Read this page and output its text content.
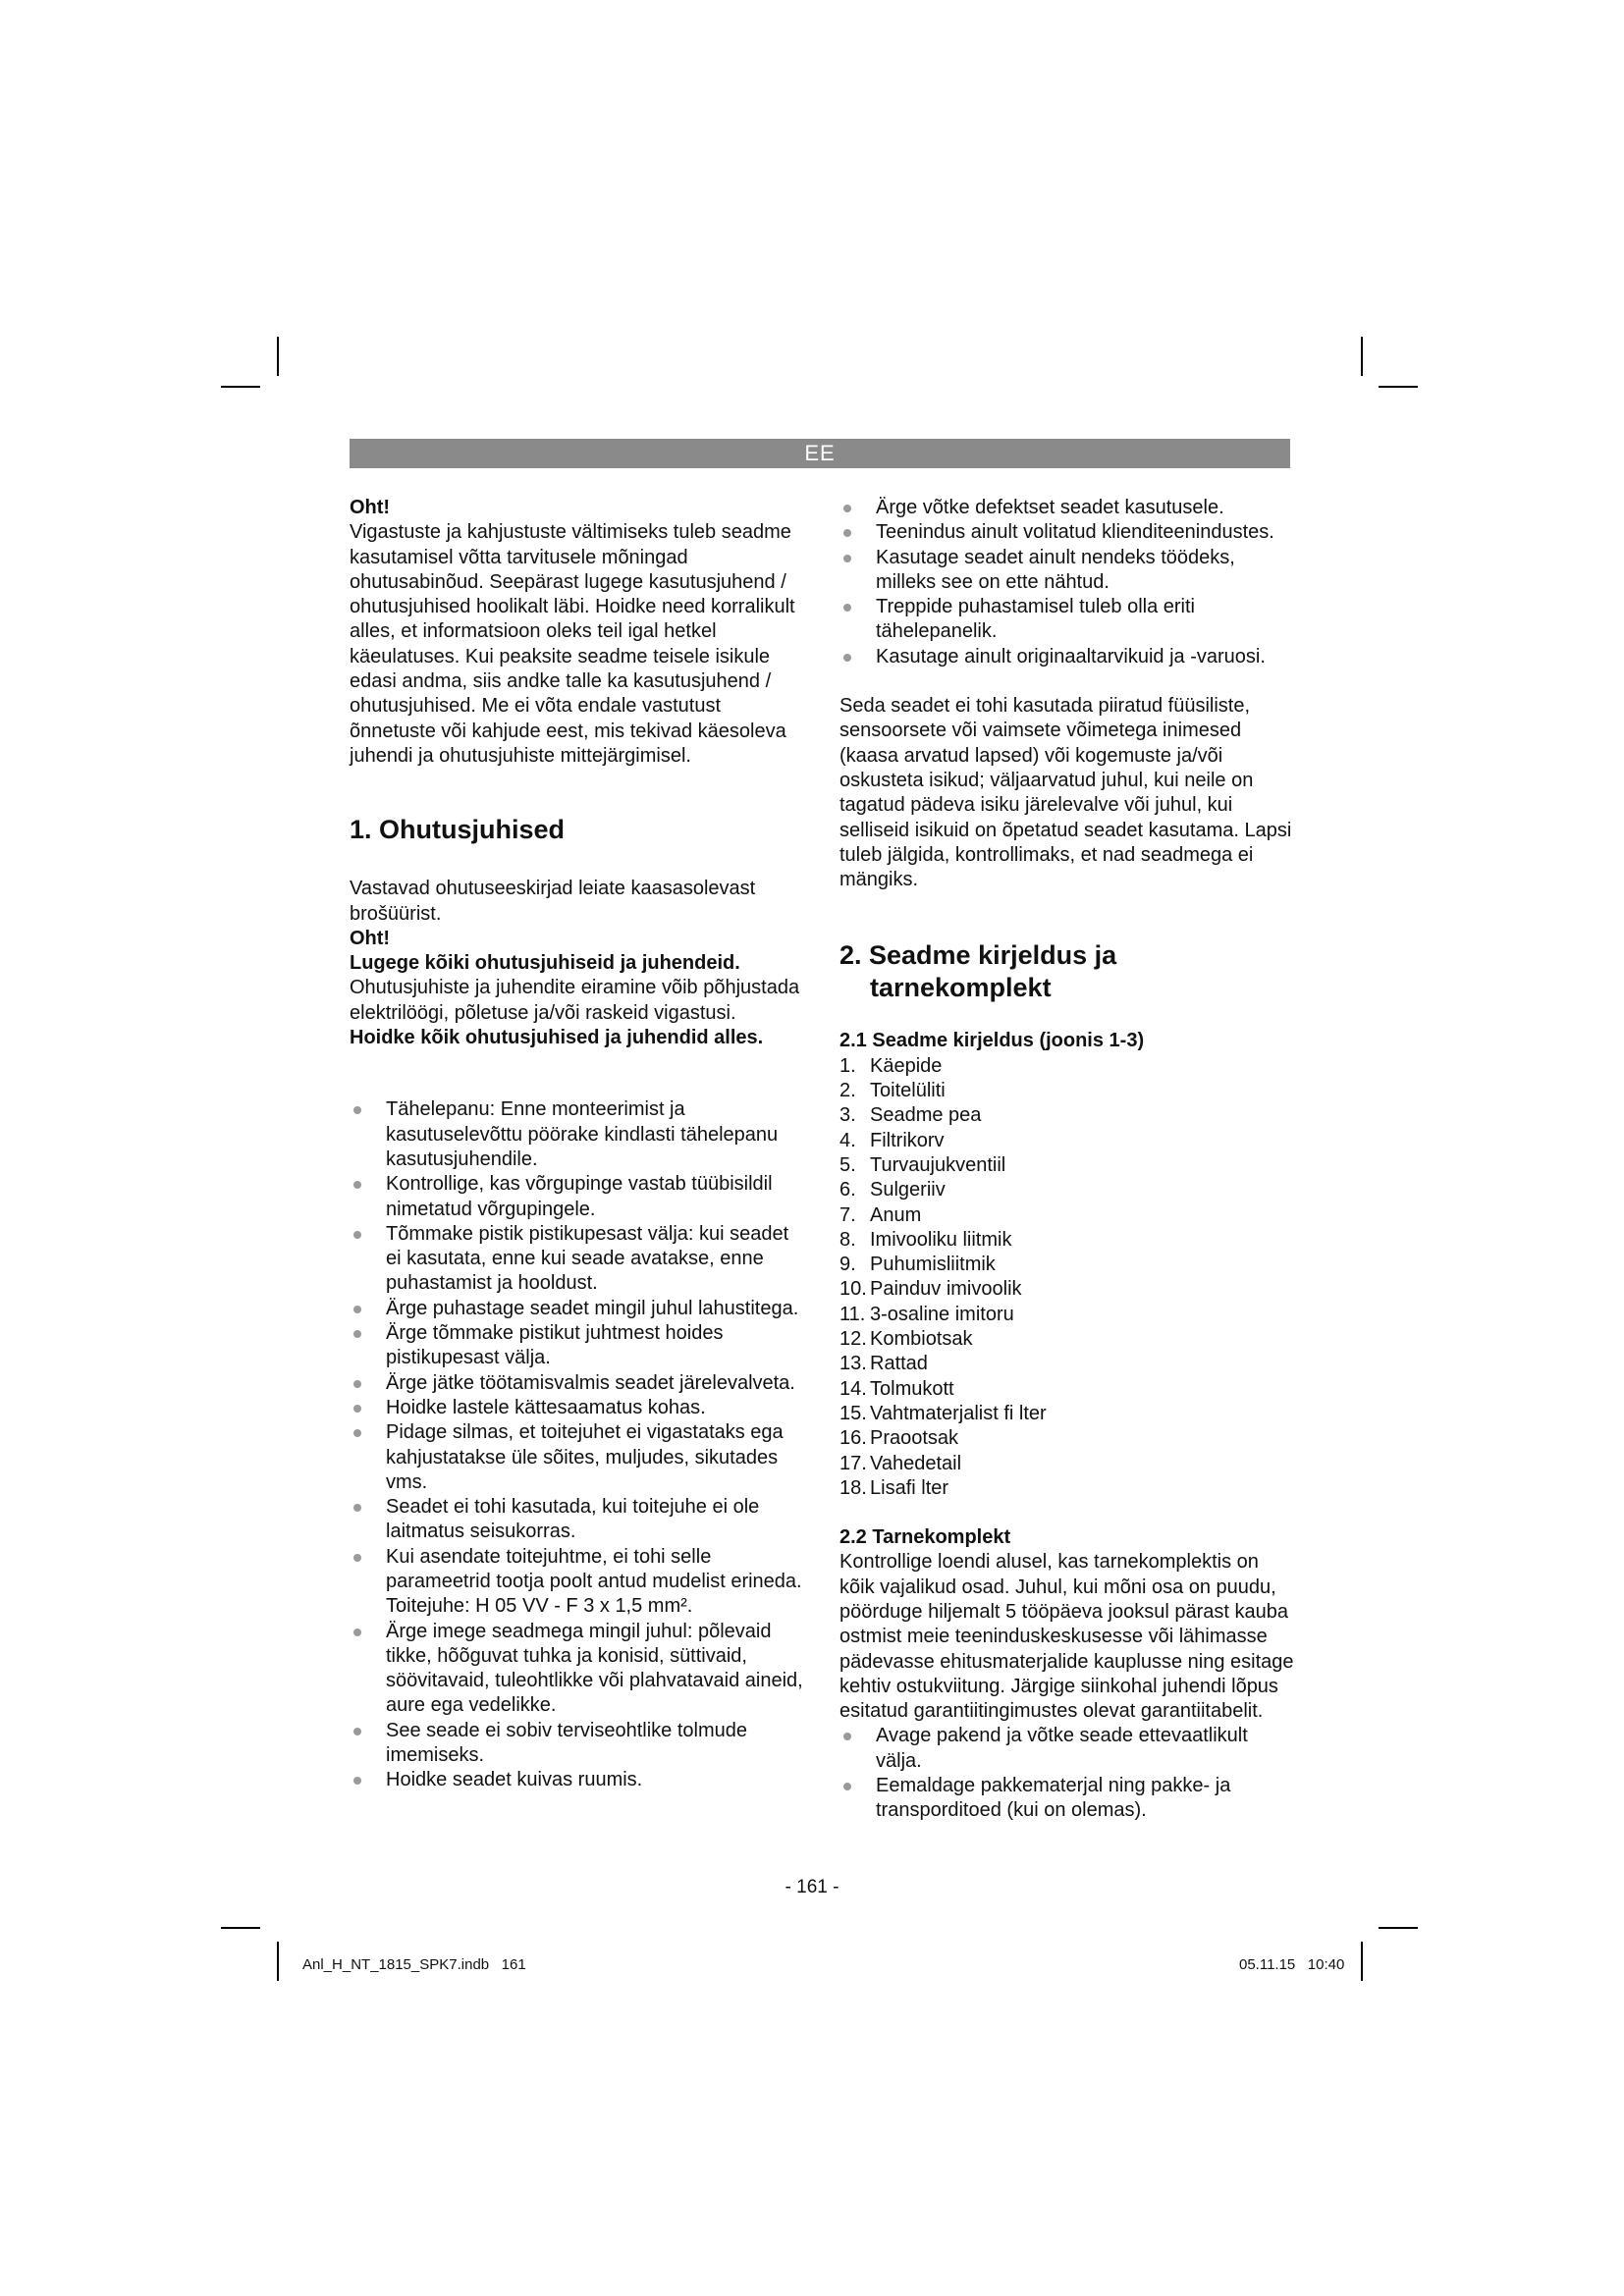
EE

Oht!

Vigastuste ja kahjustuste vältimiseks tuleb seadme kasutamisel võtta tarvitusele mõningad ohutusabinõud. Seepärast lugege kasutusjuhend / ohutusjuhised hoolikalt läbi. Hoidke need korralikult alles, et informatsioon oleks teil igal hetkel käeulatuses. Kui peaksite seadme teisele isikule edasi andma, siis andke talle ka kasutusjuhend / ohutusjuhised. Me ei võta endale vastutust õnnetuste või kahjude eest, mis tekivad käesoleva juhendi ja ohutusjuhiste mittejärgimisel.

1. Ohutusjuhised

Vastavad ohutuseeskirjad leiate kaasasolevast brošüürist.

Oht!

Lugege kõiki ohutusjuhiseid ja juhendeid.

Ohutusjuhiste ja juhendite eiramine võib põhjustada elektrilöögi, põletuse ja/või raskeid vigastusi.

Hoidke kõik ohutusjuhised ja juhendid alles.

Tähelepanu: Enne monteerimist ja kasutuselevõttu pöörake kindlasti tähelepanu kasutusjuhendile.
Kontrollige, kas võrgupinge vastab tüübisildil nimetatud võrgupingele.
Tõmmake pistik pistikupesast välja: kui seadet ei kasutata, enne kui seade avatakse, enne puhastamist ja hooldust.
Ärge puhastage seadet mingil juhul lahustitega.
Ärge tõmmake pistikut juhtmest hoides pistikupesast välja.
Ärge jätke töötamisvalmis seadet järelevalveta.
Hoidke lastele kättesaamatus kohas.
Pidage silmas, et toitejuhet ei vigastataks ega kahjustatakse üle sõites, muljudes, sikutades vms.
Seadet ei tohi kasutada, kui toitejuhe ei ole laitmatus seisukorras.
Kui asendate toitejuhtme, ei tohi selle parameetrid tootja poolt antud mudelist erineda. Toitejuhe: H 05 VV - F 3 x 1,5 mm².
Ärge imege seadmega mingil juhul: põlevaid tikke, hõõguvat tuhka ja konisid, süttivaid, söövitavaid, tuleohtlikke või plahvatavaid aineid, aure ega vedelikke.
See seade ei sobiv terviseohtlike tolmude imemiseks.
Hoidke seadet kuivas ruumis.
Ärge võtke defektset seadet kasutusele.
Teenindus ainult volitatud klienditeenindustes.
Kasutage seadet ainult nendeks töödeks, milleks see on ette nähtud.
Treppide puhastamisel tuleb olla eriti tähelepanelik.
Kasutage ainult originaaltarvikuid ja -varuosi.

Seda seadet ei tohi kasutada piiratud füüsiliste, sensoorsete või vaimsete võimetega inimesed (kaasa arvatud lapsed) või kogemuste ja/või oskusteta isikud; väljaarvatud juhul, kui neile on tagatud pädeva isiku järelevalve või juhul, kui selliseid isikuid on õpetatud seadet kasutama. Lapsi tuleb jälgida, kontrollimaks, et nad seadmega ei mängiks.

2. Seadme kirjeldus ja
tarnekomplekt

2.1 Seadme kirjeldus (joonis 1-3)

1. Käepide
2. Toitelüliti
3. Seadme pea
4. Filtrikorv
5. Turvaujukventiil
6. Sulgeriiv
7. Anum
8. Imivooliku liitmik
9. Puhumisliitmik
10. Painduv imivoolik
11. 3-osaline imitoru
12. Kombiotsak
13. Rattad
14. Tolmukott
15. Vahtmaterjalist fi lter
16. Praootsak
17. Vahedetail
18. Lisafi lter

2.2 Tarnekomplekt

Kontrollige loendi alusel, kas tarnekomplektis on kõik vajalikud osad. Juhul, kui mõni osa on puudu, pöörduge hiljemalt 5 tööpäeva jooksul pärast kauba ostmist meie teeninduskeskusesse või lähimasse pädevasse ehitusmaterjalide kauplusse ning esitage kehtiv ostukviitung. Järgige siinkohal juhendi lõpus esitatud garantiitingimustes olevat garantiitabelit.

Avage pakend ja võtke seade ettevaatlikult välja.
Eemaldage pakkematerjal ning pakke- ja transporditoed (kui on olemas).
- 161 -
Anl_H_NT_1815_SPK7.indb   161	05.11.15   10:40
